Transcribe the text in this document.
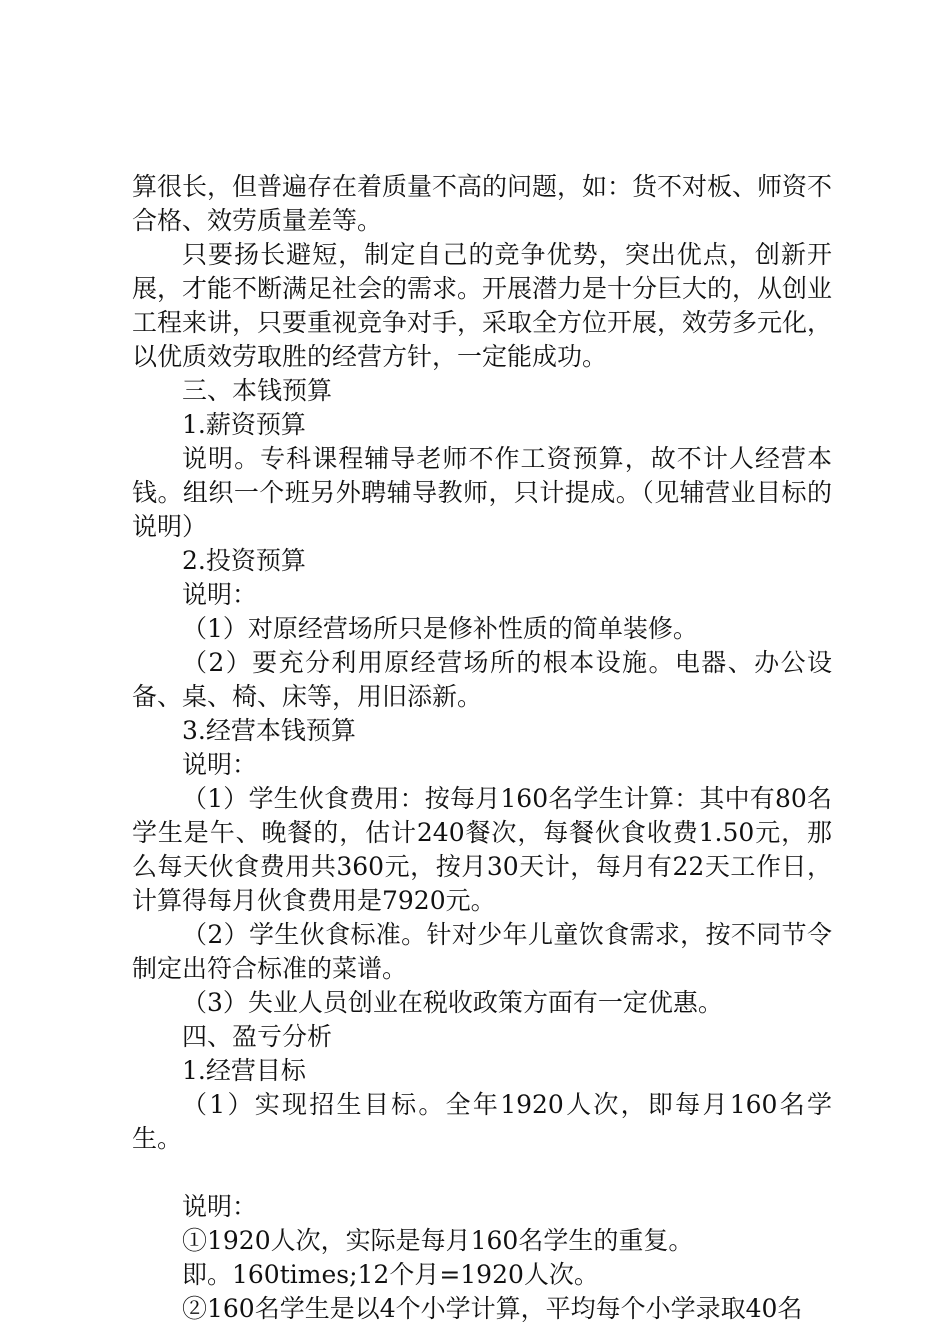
算很长，但普遍存在着质量不高的问题，如：货不对板、师资不合格、效劳质量差等。

只要扬长避短，制定自己的竞争优势，突出优点，创新开展，才能不断满足社会的需求。开展潜力是十分巨大的，从创业工程来讲，只要重视竞争对手，采取全方位开展，效劳多元化，以优质效劳取胜的经营方针，一定能成功。

三、本钱预算

1.薪资预算

说明。专科课程辅导老师不作工资预算，故不计人经营本钱。组织一个班另外聘辅导教师，只计提成。（见辅营业目标的说明）

2.投资预算

说明：

（1）对原经营场所只是修补性质的简单装修。

（2）要充分利用原经营场所的根本设施。电器、办公设备、桌、椅、床等，用旧添新。

3.经营本钱预算

说明：

（1）学生伙食费用：按每月160名学生计算：其中有80名学生是午、晚餐的，估计240餐次，每餐伙食收费1.50元，那么每天伙食费用共360元，按月30天计，每月有22天工作日，计算得每月伙食费用是7920元。

（2）学生伙食标准。针对少年儿童饮食需求，按不同节令制定出符合标准的菜谱。

（3）失业人员创业在税收政策方面有一定优惠。

四、盈亏分析

1.经营目标

（1）实现招生目标。全年1920人次，即每月160名学生。

说明：

①1920人次，实际是每月160名学生的重复。

即。160times;12个月=1920人次。

②160名学生是以4个小学计算，平均每个小学录取40名
